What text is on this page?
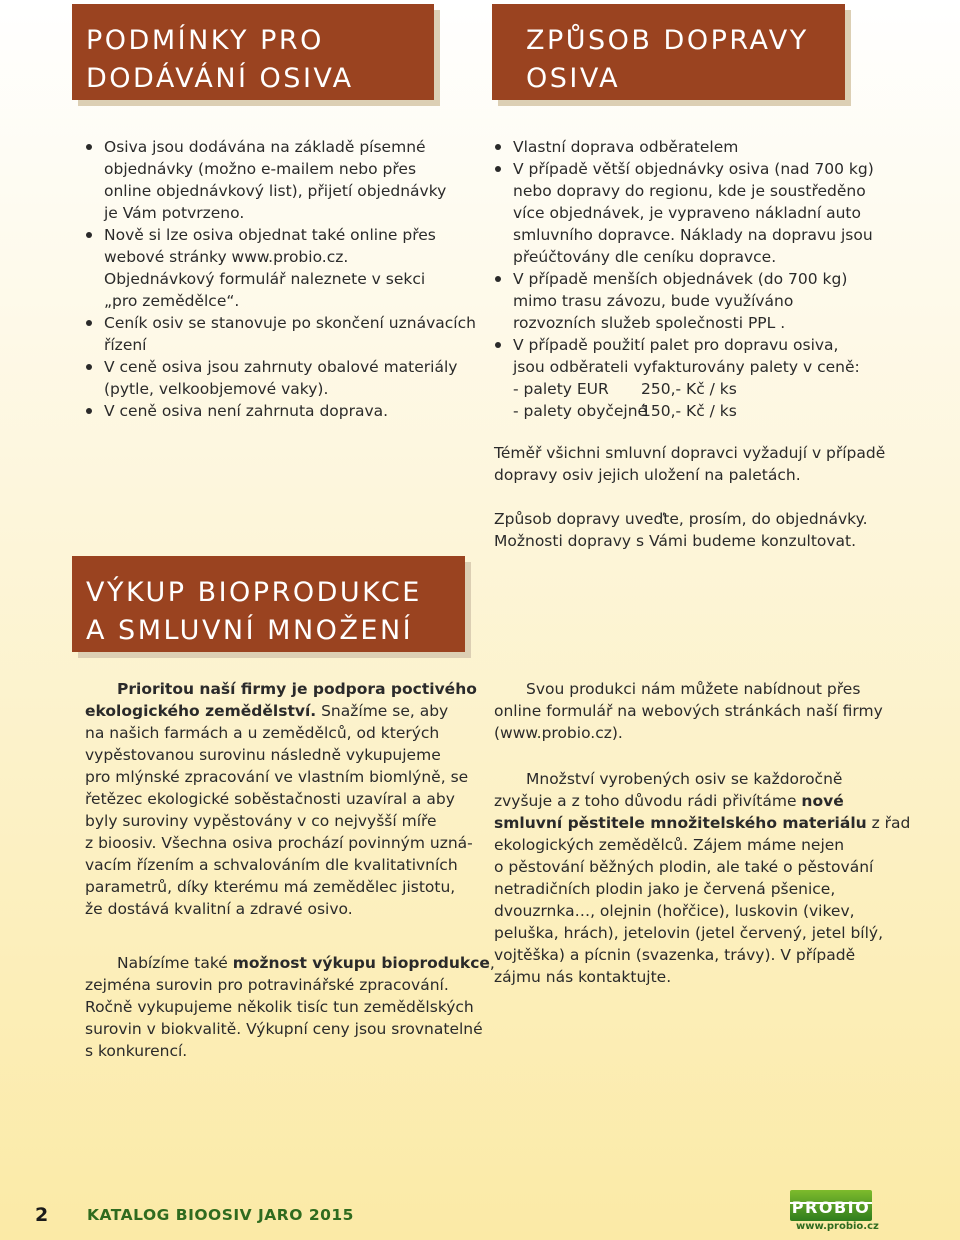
PODMÍNKY PRO
DODÁVÁNÍ OSIVA
ZPŮSOB DOPRAVY
OSIVA
VÝKUP BIOPRODUKCE
A SMLUVNÍ MNOŽENÍ
Osiva jsou dodávána na základě písemné
objednávky (možno e-mailem nebo přes
online objednávkový list), přijetí objednávky
je Vám potvrzeno.
Nově si lze osiva objednat také online přes
webové stránky www.probio.cz.
Objednávkový formulář naleznete v sekci
„pro zemědělce“.
Ceník osiv se stanovuje po skončení uznávacích
řízení
V ceně osiva jsou zahrnuty obalové materiály
(pytle, velkoobjemové vaky).
V ceně osiva není zahrnuta doprava.
Vlastní doprava odběratelem
V případě větší objednávky osiva (nad 700 kg)
nebo dopravy do regionu, kde je soustředěno
více objednávek, je vypraveno nákladní auto
smluvního dopravce. Náklady na dopravu jsou
přeúčtovány dle ceníku dopravce.
V případě menších objednávek (do 700 kg)
mimo trasu závozu, bude využíváno
rozvozních služeb společnosti PPL .
V případě použití palet pro dopravu osiva,
jsou odběrateli vyfakturovány palety v ceně:
- palety EUR 250,- Kč / ks
- palety obyčejné150,- Kč / ks
Téměř všichni smluvní dopravci vyžadují v případě
dopravy osiv jejich uložení na paletách.
Způsob dopravy uveďte, prosím, do objednávky.
Možnosti dopravy s Vámi budeme konzultovat.
Prioritou naší firmy je podpora poctivého
ekologického zemědělství. Snažíme se, aby
na našich farmách a u zemědělců, od kterých
vypěstovanou surovinu následně vykupujeme
pro mlýnské zpracování ve vlastním biomlýně, se
řetězec ekologické soběstačnosti uzavíral a aby
byly suroviny vypěstovány v co nejvyšší míře
z bioosiv. Všechna osiva prochází povinným uzná-
vacím řízením a schvalováním dle kvalitativních
parametrů, díky kterému má zemědělec jistotu,
že dostává kvalitní a zdravé osivo.
Nabízíme také možnost výkupu bioprodukce,
zejména surovin pro potravinářské zpracování.
Ročně vykupujeme několik tisíc tun zemědělských
surovin v biokvalitě. Výkupní ceny jsou srovnatelné
s konkurencí.
Svou produkci nám můžete nabídnout přes
online formulář na webových stránkách naší firmy
(www.probio.cz).
Množství vyrobených osiv se každoročně
zvyšuje a z toho důvodu rádi přivítáme nové
smluvní pěstitele množitelského materiálu z řad
ekologických zemědělců. Zájem máme nejen
o pěstování běžných plodin, ale také o pěstování
netradičních plodin jako je červená pšenice,
dvouzrnka…, olejnin (hořčice), luskovin (vikev,
peluška, hrách), jetelovin (jetel červený, jetel bílý,
vojtěška) a pícnin (svazenka, trávy). V případě
zájmu nás kontaktujte.
2	KATALOG BIOOSIV JARO 2015	PROBIO
www.probio.cz
